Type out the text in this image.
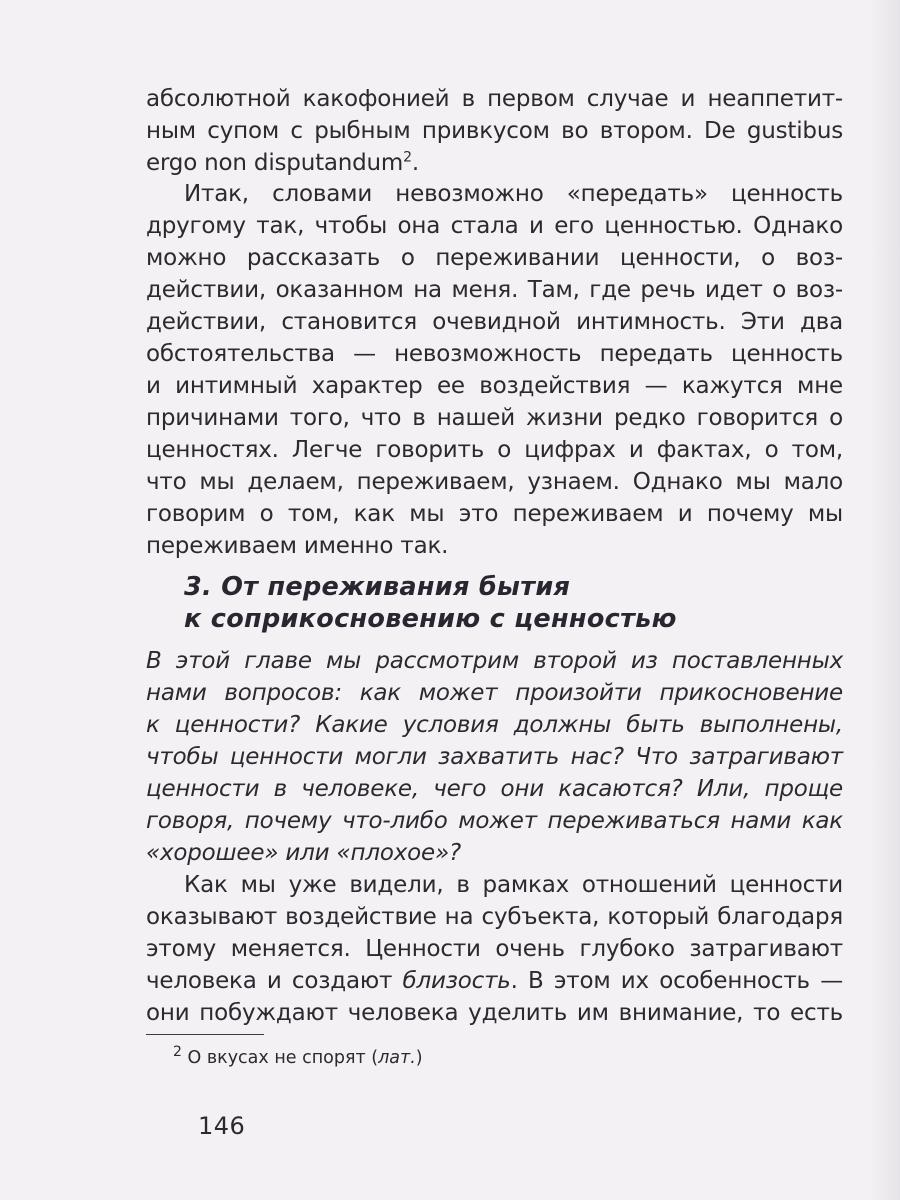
абсолютной какофонией в первом случае и неаппетит-
ным супом с рыбным привкусом во втором. De gustibus
ergo non disputandum$^2$.
Итак, словами невозможно «передать» ценность
другому так, чтобы она стала и его ценностью. Однако
можно рассказать о переживании ценности, о воз-
действии, оказанном на меня. Там, где речь идет о воз-
действии, становится очевидной интимность. Эти два
обстоятельства — невозможность передать ценность
и интимный характер ее воздействия — кажутся мне
причинами того, что в нашей жизни редко говорится о
ценностях. Легче говорить о цифрах и фактах, о том,
что мы делаем, переживаем, узнаем. Однако мы мало
говорим о том, как мы это переживаем и почему мы
переживаем именно так.
3. От переживания бытия
к соприкосновению с ценностью
В этой главе мы рассмотрим второй из поставленных
нами вопросов: как может произойти прикосновение
к ценности? Какие условия должны быть выполнены,
чтобы ценности могли захватить нас? Что затрагивают
ценности в человеке, чего они касаются? Или, проще
говоря, почему что-либо может переживаться нами как
«хорошее» или «плохое»?
Как мы уже видели, в рамках отношений ценности
оказывают воздействие на субъекта, который благодаря
этому меняется. Ценности очень глубоко затрагивают
человека и создают близость. В этом их особенность —
они побуждают человека уделить им внимание, то есть
$^2$ О вкусах не спорят (лат.)
146
